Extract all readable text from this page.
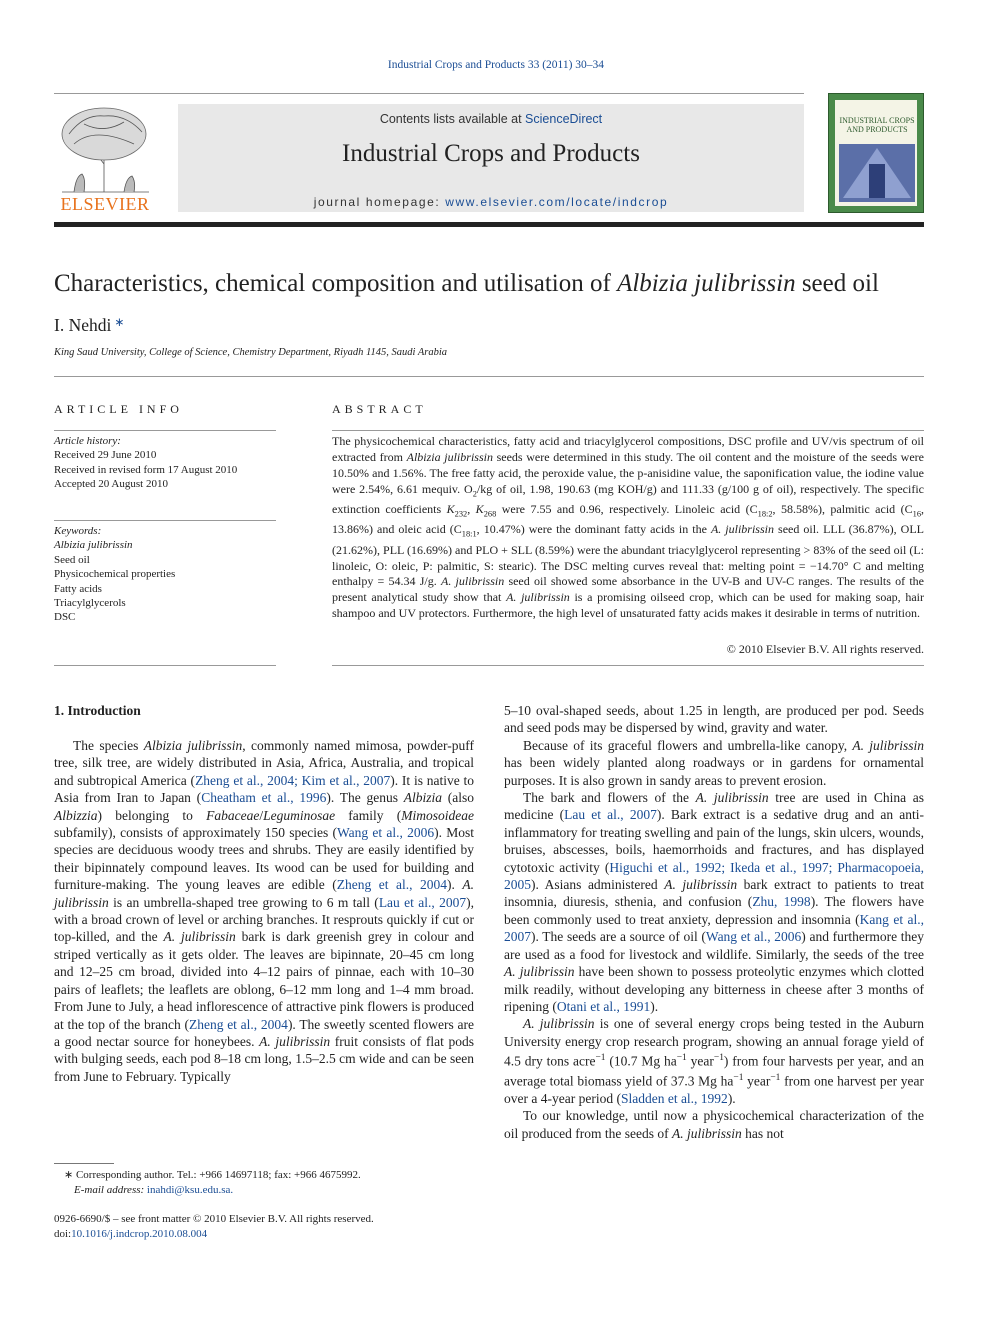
Industrial Crops and Products 33 (2011) 30–34
ELSEVIER
Contents lists available at ScienceDirect
Industrial Crops and Products
journal homepage: www.elsevier.com/locate/indcrop
INDUSTRIAL CROPS AND PRODUCTS
Characteristics, chemical composition and utilisation of Albizia julibrissin seed oil
I. Nehdi ∗
King Saud University, College of Science, Chemistry Department, Riyadh 1145, Saudi Arabia
ARTICLE INFO	ABSTRACT
Article history:
Received 29 June 2010
Received in revised form 17 August 2010
Accepted 20 August 2010
Keywords:
Albizia julibrissin
Seed oil
Physicochemical properties
Fatty acids
Triacylglycerols
DSC
The physicochemical characteristics, fatty acid and triacylglycerol compositions, DSC profile and UV/vis spectrum of oil extracted from Albizia julibrissin seeds were determined in this study. The oil content and the moisture of the seeds were 10.50% and 1.56%. The free fatty acid, the peroxide value, the p-anisidine value, the saponification value, the iodine value were 2.54%, 6.61 mequiv. $O_2/kg$ of oil, 1.98, 190.63 (mg KOH/g) and 111.33 (g/100 g of oil), respectively. The specific extinction coefficients $K_{232}$, $K_{268}$ were 7.55 and 0.96, respectively. Linoleic acid ($C_{18:2}$, 58.58%), palmitic acid ($C_{16}$, 13.86%) and oleic acid ($C_{18:1}$, 10.47%) were the dominant fatty acids in the A. julibrissin seed oil. LLL (36.87%), OLL (21.62%), PLL (16.69%) and PLO + SLL (8.59%) were the abundant triacylglycerol representing > 83% of the seed oil (L: linoleic, O: oleic, P: palmitic, S: stearic). The DSC melting curves reveal that: melting point = −14.70° C and melting enthalpy = 54.34 J/g. A. julibrissin seed oil showed some absorbance in the UV-B and UV-C ranges. The results of the present analytical study show that A. julibrissin is a promising oilseed crop, which can be used for making soap, hair shampoo and UV protectors. Furthermore, the high level of unsaturated fatty acids makes it desirable in terms of nutrition.
© 2010 Elsevier B.V. All rights reserved.
1. Introduction

The species Albizia julibrissin, commonly named mimosa, powder-puff tree, silk tree, are widely distributed in Asia, Africa, Australia, and tropical and subtropical America (Zheng et al., 2004; Kim et al., 2007). It is native to Asia from Iran to Japan (Cheatham et al., 1996). The genus Albizia (also Albizzia) belonging to Fabaceae/Leguminosae family (Mimosoideae subfamily), consists of approximately 150 species (Wang et al., 2006). Most species are deciduous woody trees and shrubs. They are easily identified by their bipinnately compound leaves. Its wood can be used for building and furniture-making. The young leaves are edible (Zheng et al., 2004). A. julibrissin is an umbrella-shaped tree growing to 6 m tall (Lau et al., 2007), with a broad crown of level or arching branches. It resprouts quickly if cut or top-killed, and the A. julibrissin bark is dark greenish grey in colour and striped vertically as it gets older. The leaves are bipinnate, 20–45 cm long and 12–25 cm broad, divided into 4–12 pairs of pinnae, each with 10–30 pairs of leaflets; the leaflets are oblong, 6–12 mm long and 1–4 mm broad. From June to July, a head inflorescence of attractive pink flowers is produced at the top of the branch (Zheng et al., 2004). The sweetly scented flowers are a good nectar source for honeybees. A. julibrissin fruit consists of flat pods with bulging seeds, each pod 8–18 cm long, 1.5–2.5 cm wide and can be seen from June to February. Typically

5–10 oval-shaped seeds, about 1.25 in length, are produced per pod. Seeds and seed pods may be dispersed by wind, gravity and water.

Because of its graceful flowers and umbrella-like canopy, A. julibrissin has been widely planted along roadways or in gardens for ornamental purposes. It is also grown in sandy areas to prevent erosion.

The bark and flowers of the A. julibrissin tree are used in China as medicine (Lau et al., 2007). Bark extract is a sedative drug and an anti-inflammatory for treating swelling and pain of the lungs, skin ulcers, wounds, bruises, abscesses, boils, haemorrhoids and fractures, and has displayed cytotoxic activity (Higuchi et al., 1992; Ikeda et al., 1997; Pharmacopoeia, 2005). Asians administered A. julibrissin bark extract to patients to treat insomnia, diuresis, sthenia, and confusion (Zhu, 1998). The flowers have been commonly used to treat anxiety, depression and insomnia (Kang et al., 2007). The seeds are a source of oil (Wang et al., 2006) and furthermore they are used as a food for livestock and wildlife. Similarly, the seeds of the tree A. julibrissin have been shown to possess proteolytic enzymes which clotted milk readily, without developing any bitterness in cheese after 3 months of ripening (Otani et al., 1991).

A. julibrissin is one of several energy crops being tested in the Auburn University energy crop research program, showing an annual forage yield of 4.5 dry tons acre$^{-1}$ (10.7 Mg $ha^{-1}$ year$^{-1}$) from four harvests per year, and an average total biomass yield of 37.3 Mg $ha^{-1}$ year$^{-1}$ from one harvest per year over a 4-year period (Sladden et al., 1992).

To our knowledge, until now a physicochemical characterization of the oil produced from the seeds of A. julibrissin has not

∗ Corresponding author. Tel.: +966 14697118; fax: +966 4675992.
E-mail address: inahdi@ksu.edu.sa.
0926-6690/$ – see front matter © 2010 Elsevier B.V. All rights reserved.
doi:10.1016/j.indcrop.2010.08.004
